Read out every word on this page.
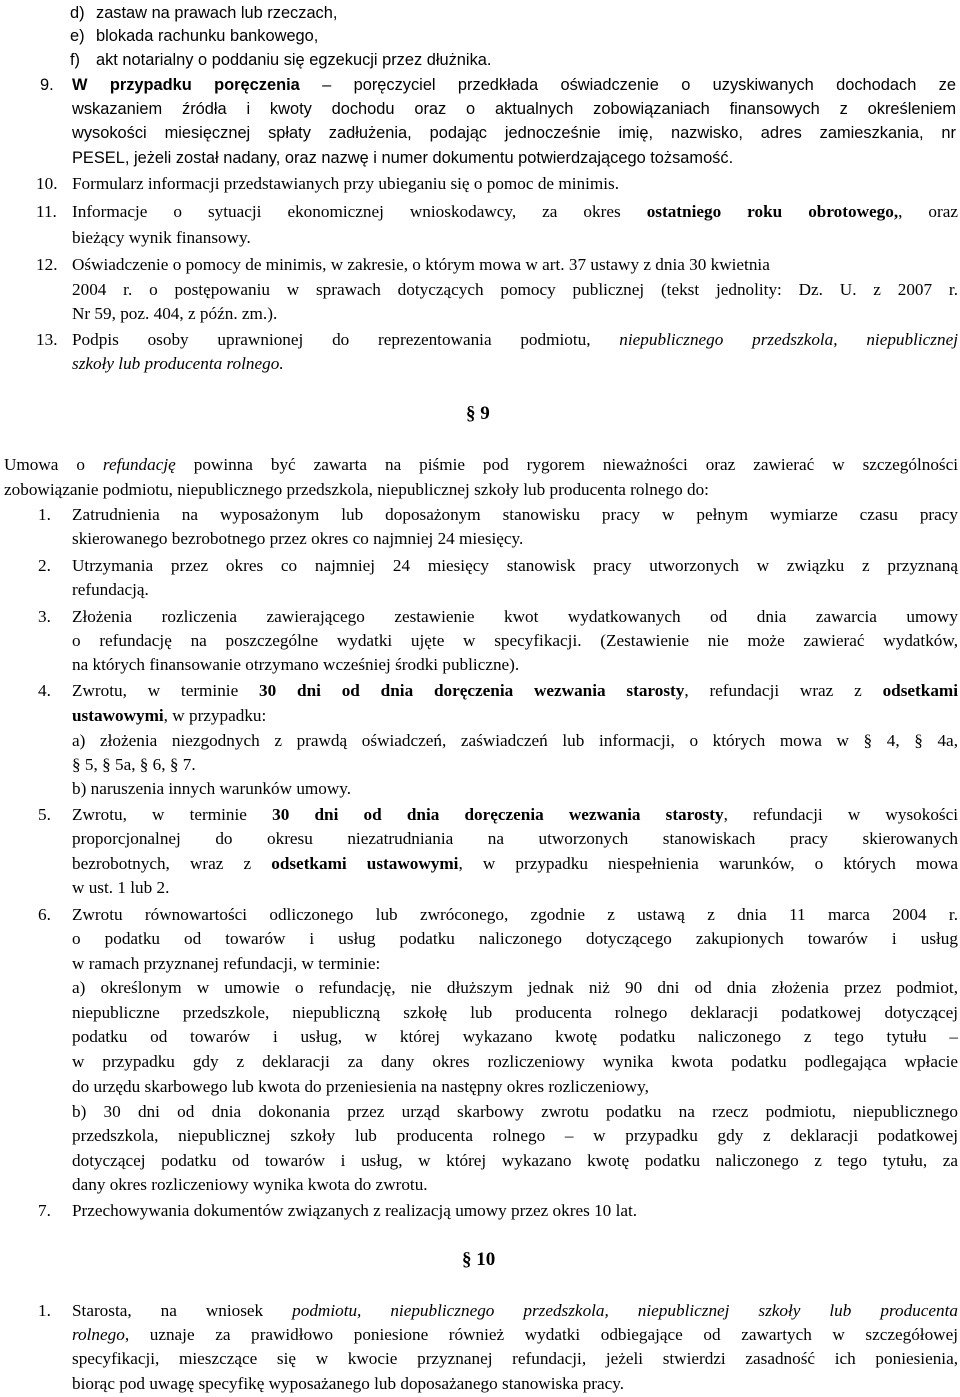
d) zastaw na prawach lub rzeczach,
e) blokada rachunku bankowego,
f) akt notarialny o poddaniu się egzekucji przez dłużnika.
9. W przypadku poręczenia – poręczyciel przedkłada oświadczenie o uzyskiwanych dochodach ze
wskazaniem źródła i kwoty dochodu oraz o aktualnych zobowiązaniach finansowych z określeniem
wysokości miesięcznej spłaty zadłużenia, podając jednocześnie imię, nazwisko, adres zamieszkania, nr
PESEL, jeżeli został nadany, oraz nazwę i numer dokumentu potwierdzającego tożsamość.
10. Formularz informacji przedstawianych przy ubieganiu się o pomoc de minimis.
11. Informacje o sytuacji ekonomicznej wnioskodawcy, za okres ostatniego roku obrotowego,, oraz
bieżący wynik finansowy.
12. Oświadczenie o pomocy de minimis, w zakresie, o którym mowa w art. 37 ustawy z dnia 30 kwietnia
2004 r. o postępowaniu w sprawach dotyczących pomocy publicznej (tekst jednolity: Dz. U. z 2007 r.
Nr 59, poz. 404, z późn. zm.).
13. Podpis osoby uprawnionej do reprezentowania podmiotu, niepublicznego przedszkola, niepublicznej
szkoły lub producenta rolnego.
§ 9
Umowa o refundację powinna być zawarta na piśmie pod rygorem nieważności oraz zawierać w szczególności
zobowiązanie podmiotu, niepublicznego przedszkola, niepublicznej szkoły lub producenta rolnego do:
1. Zatrudnienia na wyposażonym lub doposażonym stanowisku pracy w pełnym wymiarze czasu pracy
skierowanego bezrobotnego przez okres co najmniej 24 miesięcy.
2. Utrzymania przez okres co najmniej 24 miesięcy stanowisk pracy utworzonych w związku z przyznaną
refundacją.
3. Złożenia rozliczenia zawierającego zestawienie kwot wydatkowanych od dnia zawarcia umowy
o refundację na poszczególne wydatki ujęte w specyfikacji. (Zestawienie nie może zawierać wydatków,
na których finansowanie otrzymano wcześniej środki publiczne).
4. Zwrotu, w terminie 30 dni od dnia doręczenia wezwania starosty, refundacji wraz z odsetkami
ustawowymi, w przypadku:
a) złożenia niezgodnych z prawdą oświadczeń, zaświadczeń lub informacji, o których mowa w § 4, § 4a,
§ 5, § 5a, § 6, § 7.
b) naruszenia innych warunków umowy.
5. Zwrotu, w terminie 30 dni od dnia doręczenia wezwania starosty, refundacji w wysokości
proporcjonalnej do okresu niezatrudniania na utworzonych stanowiskach pracy skierowanych
bezrobotnych, wraz z odsetkami ustawowymi, w przypadku niespełnienia warunków, o których mowa
w ust. 1 lub 2.
6. Zwrotu równowartości odliczonego lub zwróconego, zgodnie z ustawą z dnia 11 marca 2004 r.
o podatku od towarów i usług podatku naliczonego dotyczącego zakupionych towarów i usług
w ramach przyznanej refundacji, w terminie:
a) określonym w umowie o refundację, nie dłuższym jednak niż 90 dni od dnia złożenia przez podmiot,
niepubliczne przedszkole, niepubliczną szkołę lub producenta rolnego deklaracji podatkowej dotyczącej
podatku od towarów i usług, w której wykazano kwotę podatku naliczonego z tego tytułu –
w przypadku gdy z deklaracji za dany okres rozliczeniowy wynika kwota podatku podlegająca wpłacie
do urzędu skarbowego lub kwota do przeniesienia na następny okres rozliczeniowy,
b) 30 dni od dnia dokonania przez urząd skarbowy zwrotu podatku na rzecz podmiotu, niepublicznego
przedszkola, niepublicznej szkoły lub producenta rolnego – w przypadku gdy z deklaracji podatkowej
dotyczącej podatku od towarów i usług, w której wykazano kwotę podatku naliczonego z tego tytułu, za
dany okres rozliczeniowy wynika kwota do zwrotu.
7. Przechowywania dokumentów związanych z realizacją umowy przez okres 10 lat.
§ 10
1. Starosta, na wniosek podmiotu, niepublicznego przedszkola, niepublicznej szkoły lub producenta
rolnego, uznaje za prawidłowo poniesione również wydatki odbiegające od zawartych w szczegółowej
specyfikacji, mieszczące się w kwocie przyznanej refundacji, jeżeli stwierdzi zasadność ich poniesienia,
biorąc pod uwagę specyfikę wyposażanego lub doposażanego stanowiska pracy.
